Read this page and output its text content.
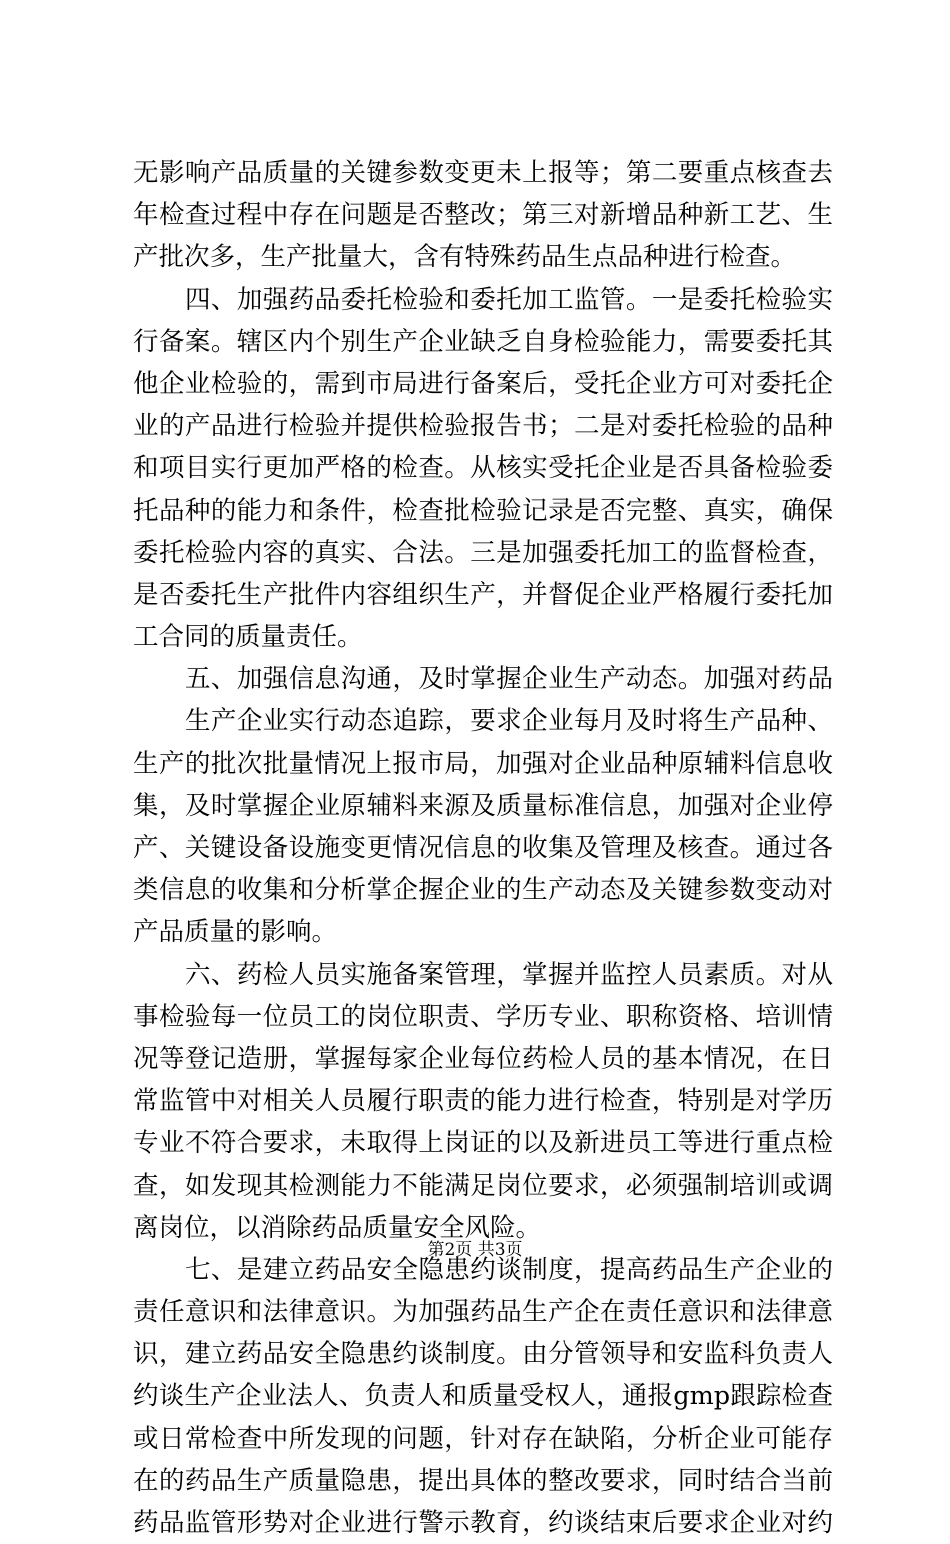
无影响产品质量的关键参数变更未上报等；第二要重点核查去
年检查过程中存在问题是否整改；第三对新增品种新工艺、生
产批次多，生产批量大，含有特殊药品生点品种进行检查。
四、加强药品委托检验和委托加工监管。一是委托检验实
行备案。辖区内个别生产企业缺乏自身检验能力，需要委托其
他企业检验的，需到市局进行备案后，受托企业方可对委托企
业的产品进行检验并提供检验报告书；二是对委托检验的品种
和项目实行更加严格的检查。从核实受托企业是否具备检验委
托品种的能力和条件，检查批检验记录是否完整、真实，确保
委托检验内容的真实、合法。三是加强委托加工的监督检查，
是否委托生产批件内容组织生产，并督促企业严格履行委托加
工合同的质量责任。
五、加强信息沟通，及时掌握企业生产动态。加强对药品
生产企业实行动态追踪，要求企业每月及时将生产品种、
生产的批次批量情况上报市局，加强对企业品种原辅料信息收
集，及时掌握企业原辅料来源及质量标准信息，加强对企业停
产、关键设备设施变更情况信息的收集及管理及核查。通过各
类信息的收集和分析掌企握企业的生产动态及关键参数变动对
产品质量的影响。
六、药检人员实施备案管理，掌握并监控人员素质。对从
事检验每一位员工的岗位职责、学历专业、职称资格、培训情
况等登记造册，掌握每家企业每位药检人员的基本情况，在日
常监管中对相关人员履行职责的能力进行检查，特别是对学历
专业不符合要求，未取得上岗证的以及新进员工等进行重点检
查，如发现其检测能力不能满足岗位要求，必须强制培训或调
离岗位，以消除药品质量安全风险。
七、是建立药品安全隐患约谈制度，提高药品生产企业的
责任意识和法律意识。为加强药品生产企在责任意识和法律意
识，建立药品安全隐患约谈制度。由分管领导和安监科负责人
约谈生产企业法人、负责人和质量受权人，通报gmp跟踪检查
或日常检查中所发现的问题，针对存在缺陷，分析企业可能存
在的药品生产质量隐患，提出具体的整改要求，同时结合当前
药品监管形势对企业进行警示教育，约谈结束后要求企业对约
第2页 共3页
